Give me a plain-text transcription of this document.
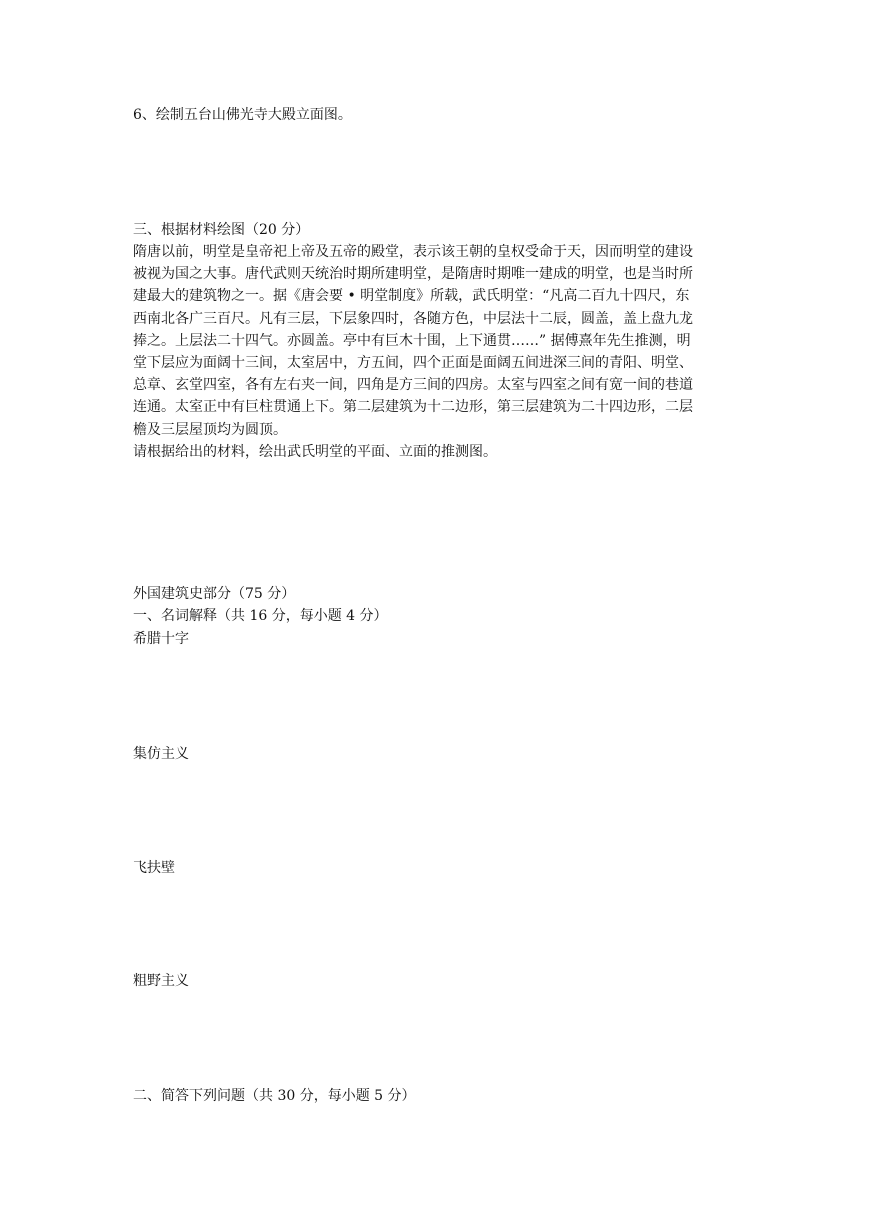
6、绘制五台山佛光寺大殿立面图。
三、根据材料绘图（20 分）
隋唐以前，明堂是皇帝祀上帝及五帝的殿堂，表示该王朝的皇权受命于天，因而明堂的建设
被视为国之大事。唐代武则天统治时期所建明堂，是隋唐时期唯一建成的明堂，也是当时所
建最大的建筑物之一。据《唐会要 • 明堂制度》所载，武氏明堂：“凡高二百九十四尺，东
西南北各广三百尺。凡有三层，下层象四时，各随方色，中层法十二辰，圆盖，盖上盘九龙
捧之。上层法二十四气。亦圆盖。亭中有巨木十围，上下通贯……” 据傅熹年先生推测，明
堂下层应为面阔十三间，太室居中，方五间，四个正面是面阔五间进深三间的青阳、明堂、
总章、玄堂四室，各有左右夹一间，四角是方三间的四房。太室与四室之间有宽一间的巷道
连通。太室正中有巨柱贯通上下。第二层建筑为十二边形，第三层建筑为二十四边形，二层
檐及三层屋顶均为圆顶。
请根据给出的材料，绘出武氏明堂的平面、立面的推测图。
外国建筑史部分（75 分）
一、名词解释（共 16 分，每小题 4 分）
希腊十字
集仿主义
飞扶壁
粗野主义
二、简答下列问题（共 30 分，每小题 5 分）
